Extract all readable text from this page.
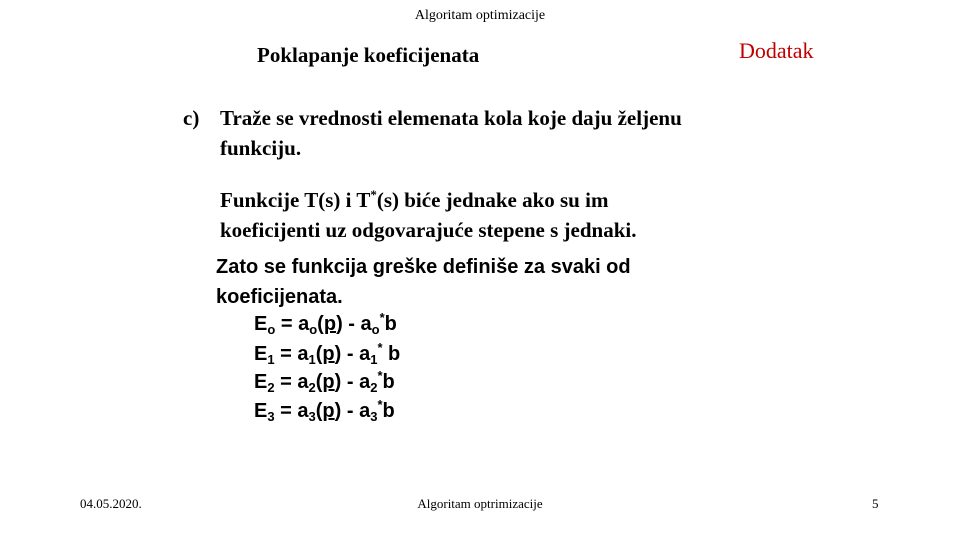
Algoritam optimizacije
Poklapanje koeficijenata	Dodatak
c) Traže se vrednosti elemenata kola koje daju željenu
funkciju.
Funkcije T(s) i T*(s) biće jednake ako su im
koeficijenti uz odgovarajuće stepene s jednaki.
Zato se funkcija greške definiše za svaki od
koeficijenata.
$E_o = a_o(p) - a_o^*b$
$E_1 = a_1(p) - a_1^*$ b
$E_2 = a_2(p) - a_2^*b$
$E_3 = a_3(p) - a_3^*b$
04.05.2020.	Algoritam optrimizacije	5
